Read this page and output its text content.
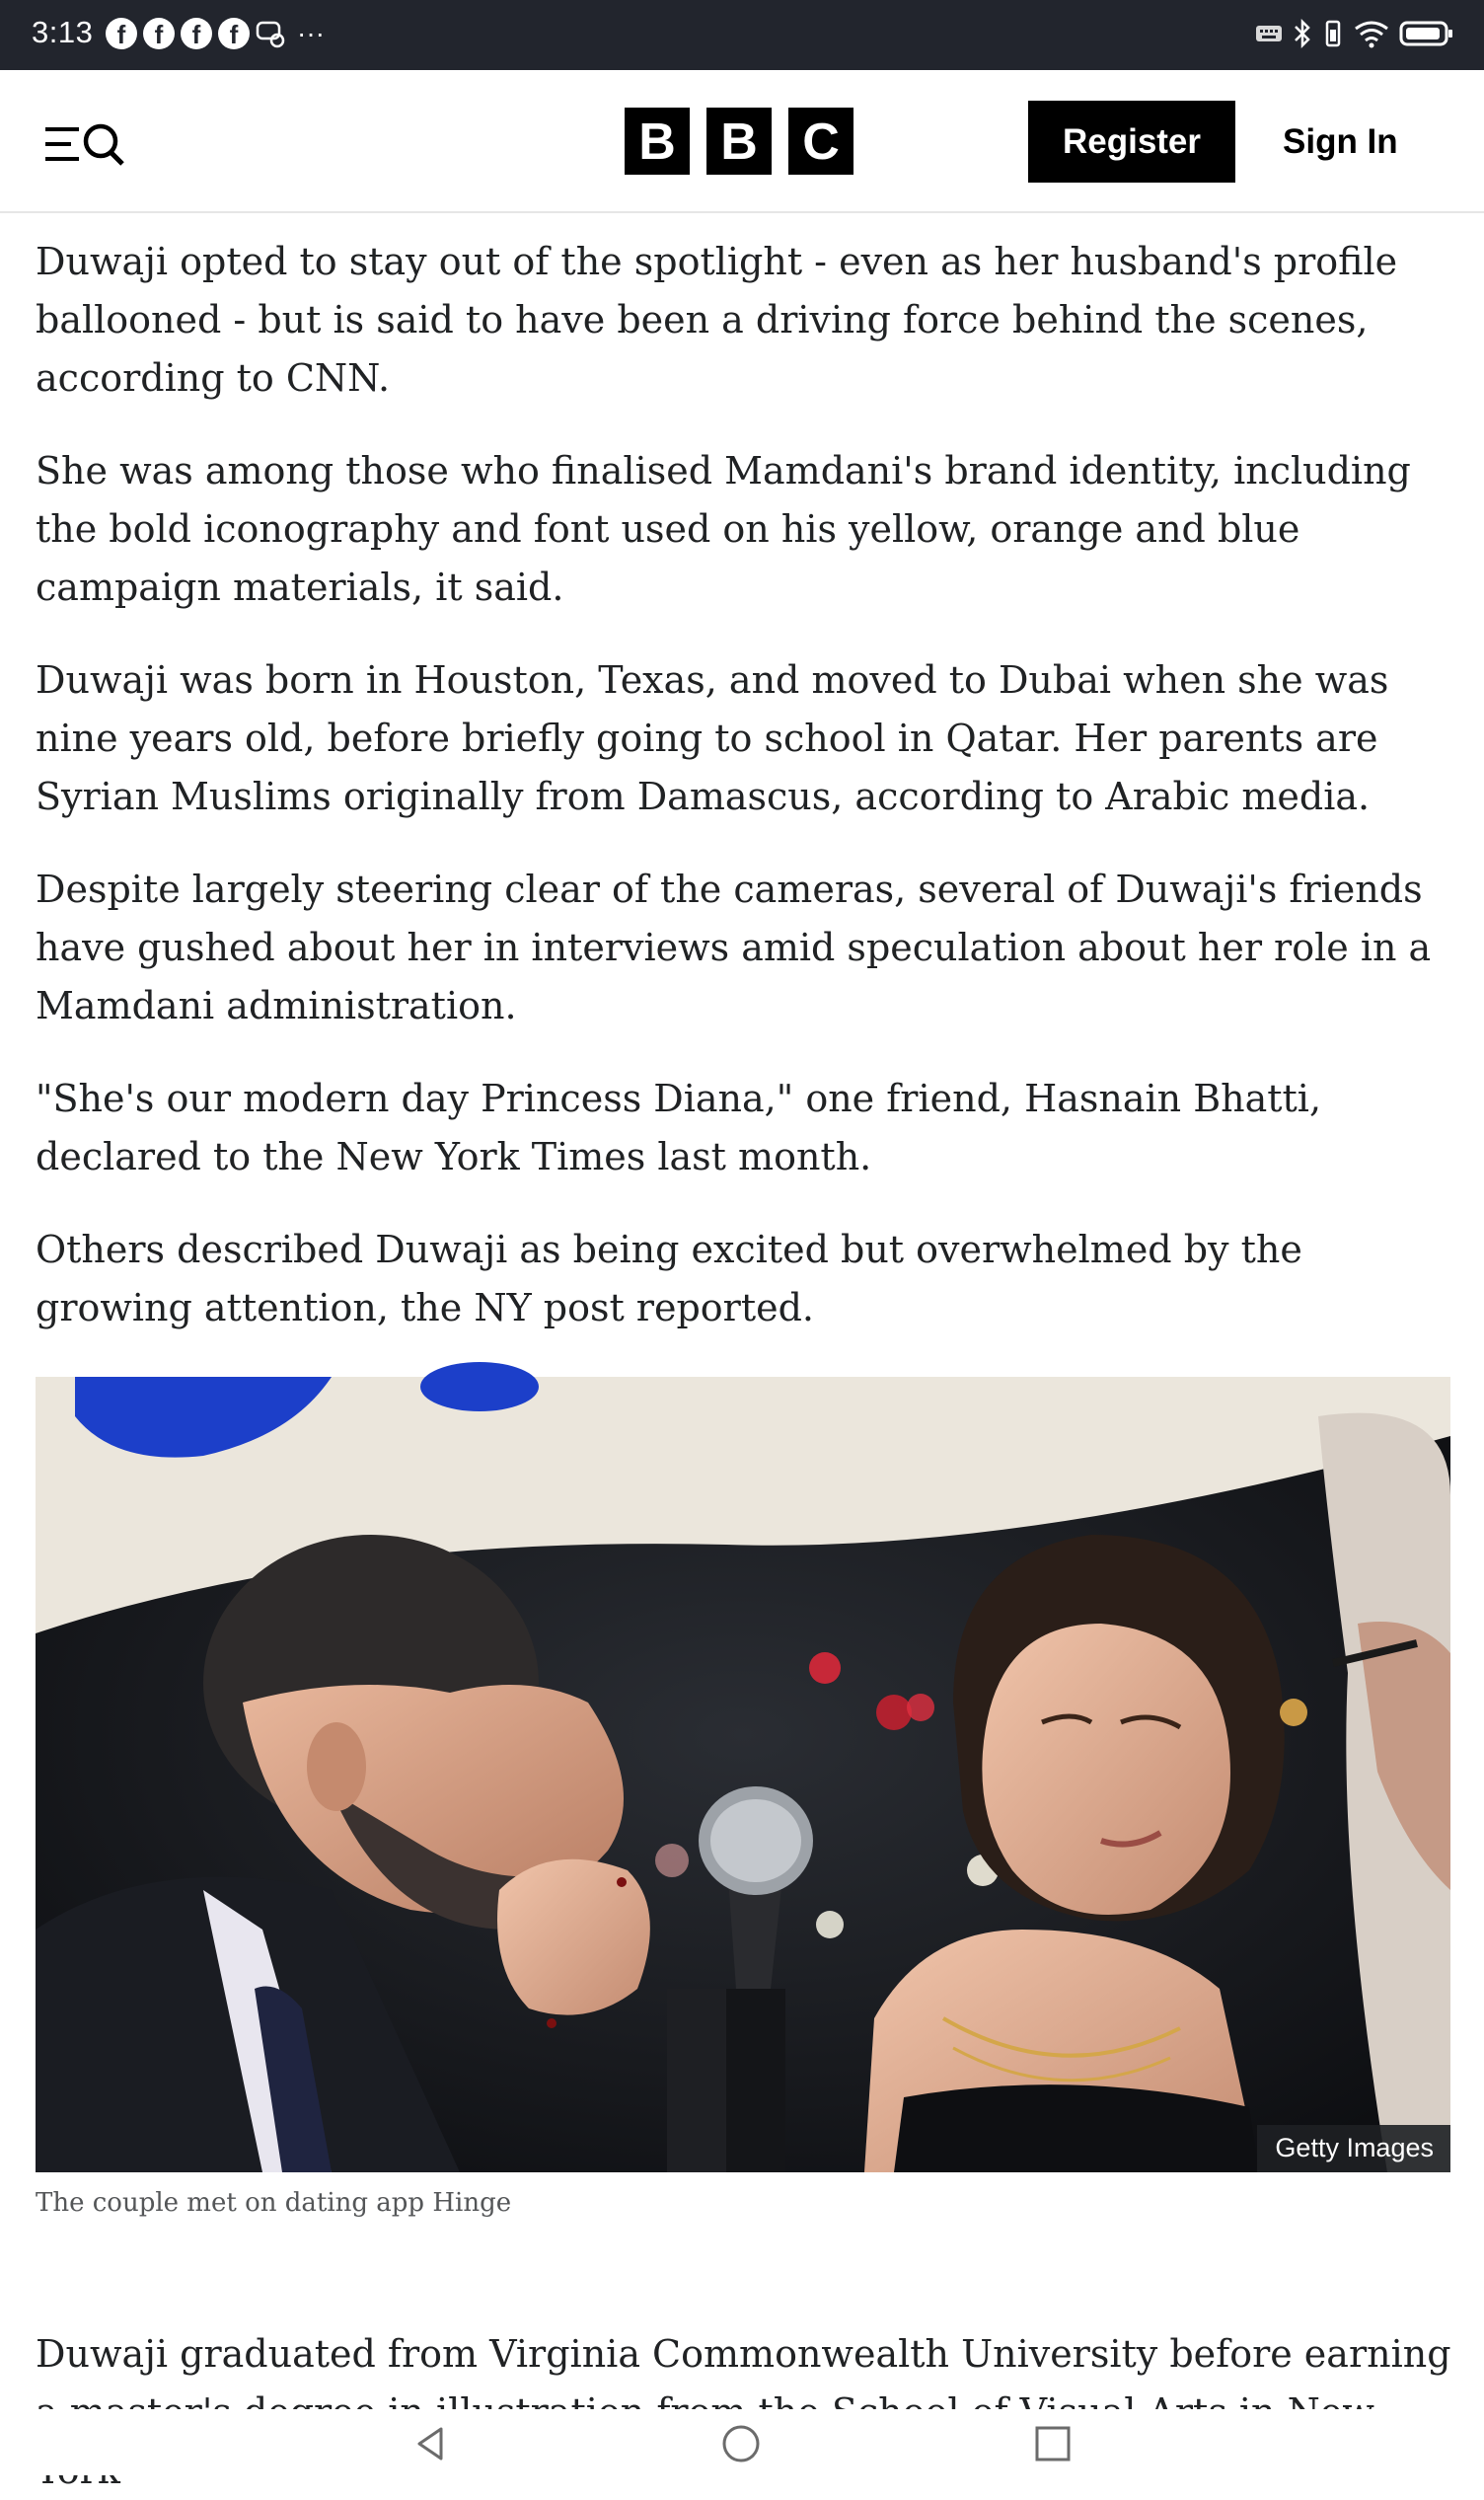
3:13 f	f	f	f	···
B B C	Register	Sign In

Duwaji opted to stay out of the spotlight - even as her husband's profile ballooned - but is said to have been a driving force behind the scenes, according to CNN.

She was among those who finalised Mamdani's brand identity, including the bold iconography and font used on his yellow, orange and blue campaign materials, it said.

Duwaji was born in Houston, Texas, and moved to Dubai when she was nine years old, before briefly going to school in Qatar. Her parents are Syrian Muslims originally from Damascus, according to Arabic media.

Despite largely steering clear of the cameras, several of Duwaji's friends have gushed about her in interviews amid speculation about her role in a Mamdani administration.

"She's our modern day Princess Diana," one friend, Hasnain Bhatti, declared to the New York Times last month.

Others described Duwaji as being excited but overwhelmed by the growing attention, the NY post reported.

Getty Images
The couple met on dating app Hinge

Duwaji graduated from Virginia Commonwealth University before earning
